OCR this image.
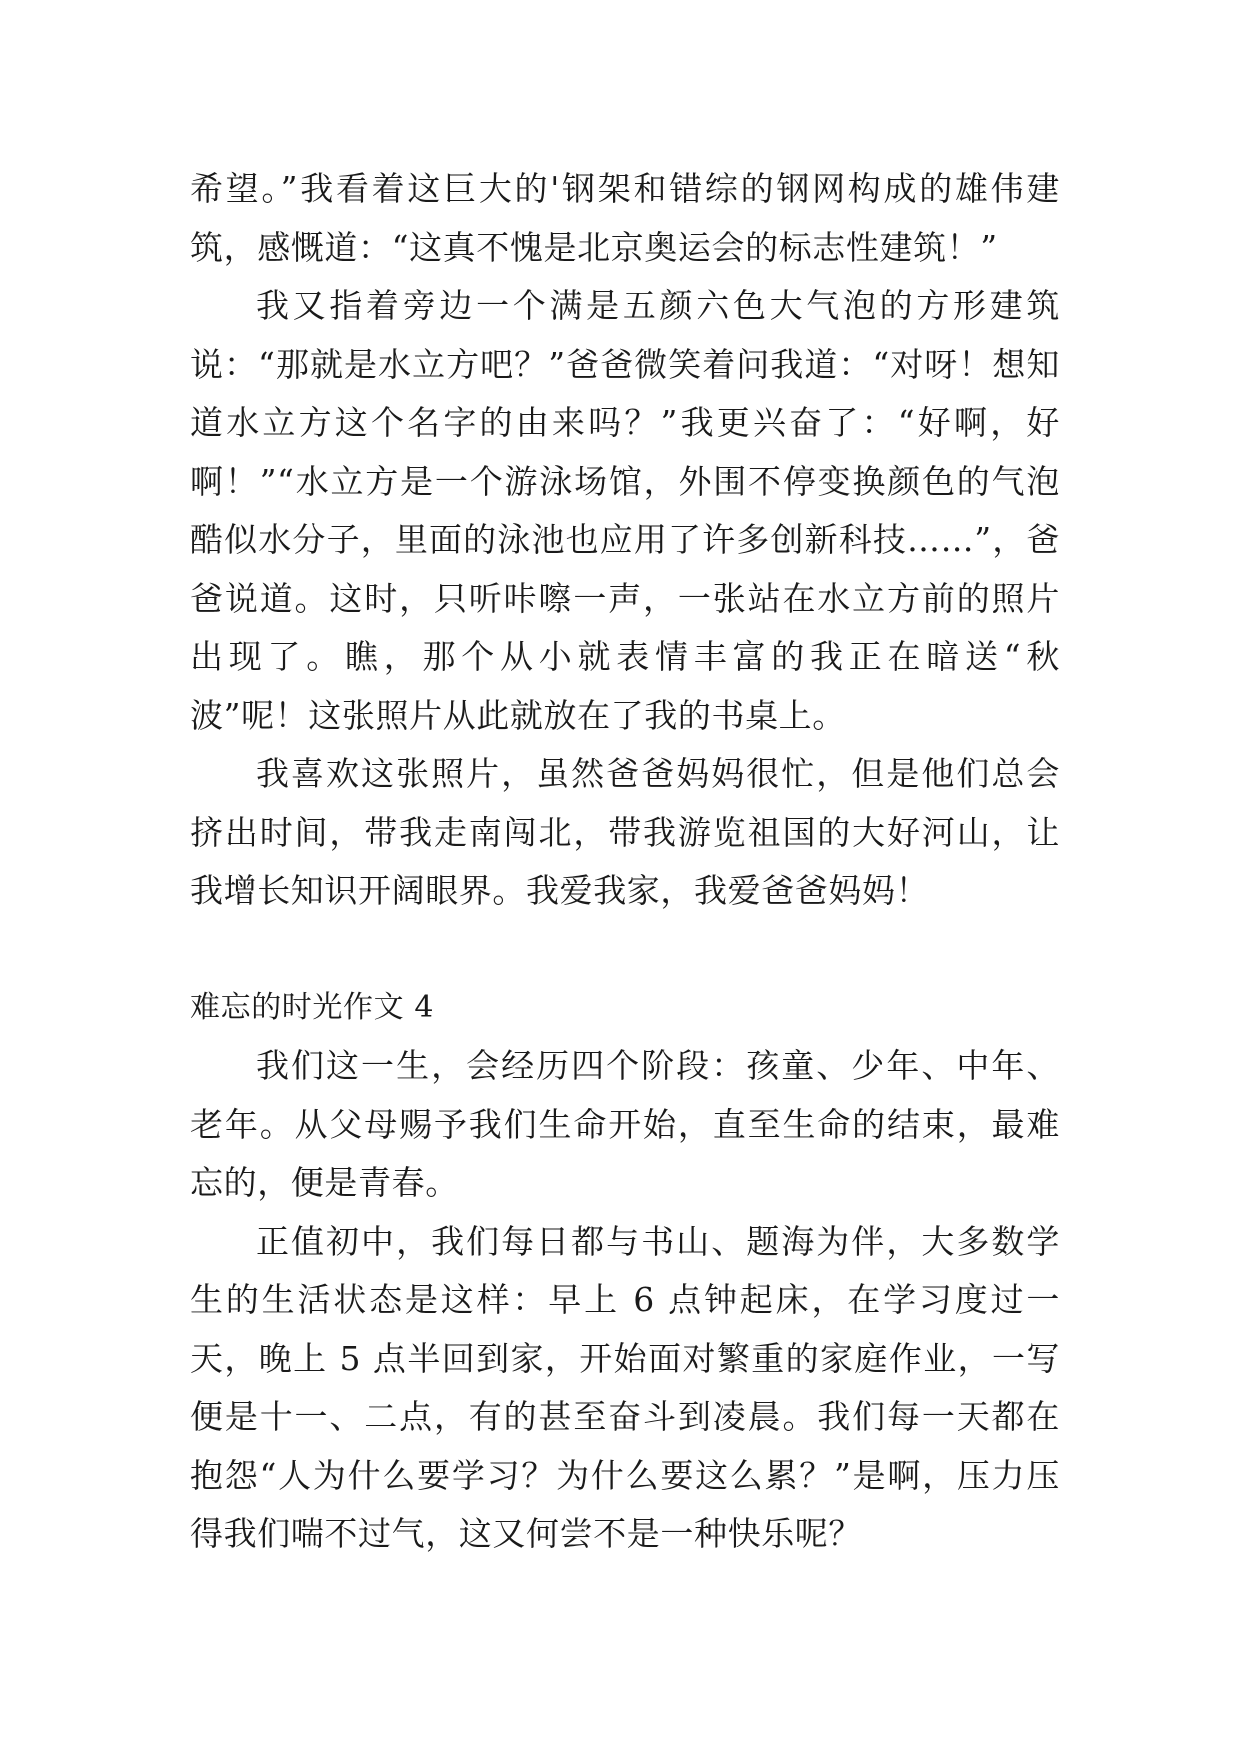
希望。”我看着这巨大的'钢架和错综的钢网构成的雄伟建筑，感慨道：“这真不愧是北京奥运会的标志性建筑！”

我又指着旁边一个满是五颜六色大气泡的方形建筑说：“那就是水立方吧？”爸爸微笑着问我道：“对呀！想知道水立方这个名字的由来吗？”我更兴奋了：“好啊，好啊！”“水立方是一个游泳场馆，外围不停变换颜色的气泡酷似水分子，里面的泳池也应用了许多创新科技……”，爸爸说道。这时，只听咔嚓一声，一张站在水立方前的照片出现了。瞧，那个从小就表情丰富的我正在暗送“秋波”呢！这张照片从此就放在了我的书桌上。

我喜欢这张照片，虽然爸爸妈妈很忙，但是他们总会挤出时间，带我走南闯北，带我游览祖国的大好河山，让我增长知识开阔眼界。我爱我家，我爱爸爸妈妈！

难忘的时光作文 4

我们这一生，会经历四个阶段：孩童、少年、中年、老年。从父母赐予我们生命开始，直至生命的结束，最难忘的，便是青春。

正值初中，我们每日都与书山、题海为伴，大多数学生的生活状态是这样：早上 6 点钟起床，在学习度过一天，晚上 5 点半回到家，开始面对繁重的家庭作业，一写便是十一、二点，有的甚至奋斗到凌晨。我们每一天都在抱怨“人为什么要学习？为什么要这么累？”是啊，压力压得我们喘不过气，这又何尝不是一种快乐呢？
